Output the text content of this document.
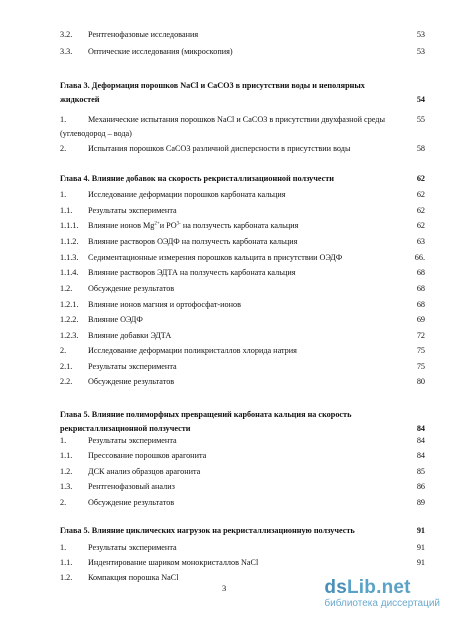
3.2. Рентгенофазовые исследования	53
3.3. Оптические исследования (микроскопия)	53
Глава 3. Деформация порошков NaCl и CaCO3 в присутствии воды и неполярных
жидкостей	54
1.	Механические испытания порошков NaCl и CaCO3 в присутствии двухфазной среды	55
(углеводород – вода)
2.	Испытания порошков CaCO3 различной дисперсности в присутствии воды	58
Глава 4. Влияние добавок на скорость рекристаллизационной ползучести	62
1.	Исследование деформации порошков карбоната кальция	62
1.1. Результаты эксперимента	62
1.1.1. Влияние ионов $Mg^{2+}и$ $PO^{3-}$ на ползучесть карбоната кальция	62
1.1.2. Влияние растворов ОЭДФ на ползучесть карбоната кальция	63
1.1.3. Седиментационные измерения порошков кальцита в присутствии ОЭДФ	66.
1.1.4. Влияние растворов ЭДТА на ползучесть карбоната кальция	68
1.2. Обсуждение результатов	68
1.2.1. Влияние ионов магния и ортофосфат-ионов	68
1.2.2. Влияние ОЭДФ	69
1.2.3. Влияние добавки ЭДТА	72
2.	Исследование деформации поликристаллов хлорида натрия	75
2.1. Результаты эксперимента	75
2.2. Обсуждение результатов	80
Глава 5. Влияние полиморфных превращений карбоната кальция на скорость
рекристаллизационной ползучести	84
1.	Результаты эксперимента	84
1.1. Прессование порошков арагонита	84
1.2. ДСК анализ образцов арагонита	85
1.3. Рентгенофазовый анализ	86
2.	Обсуждение результатов	89
Глава 5. Влияние циклических нагрузок на рекристаллизационную ползучесть	91
1.	Результаты эксперимента	91
1.1. Индентирование шариком монокристаллов NaCl	91
1.2. Компакция порошка NaCl
3	dsLib.net
библиотека диссертаций
